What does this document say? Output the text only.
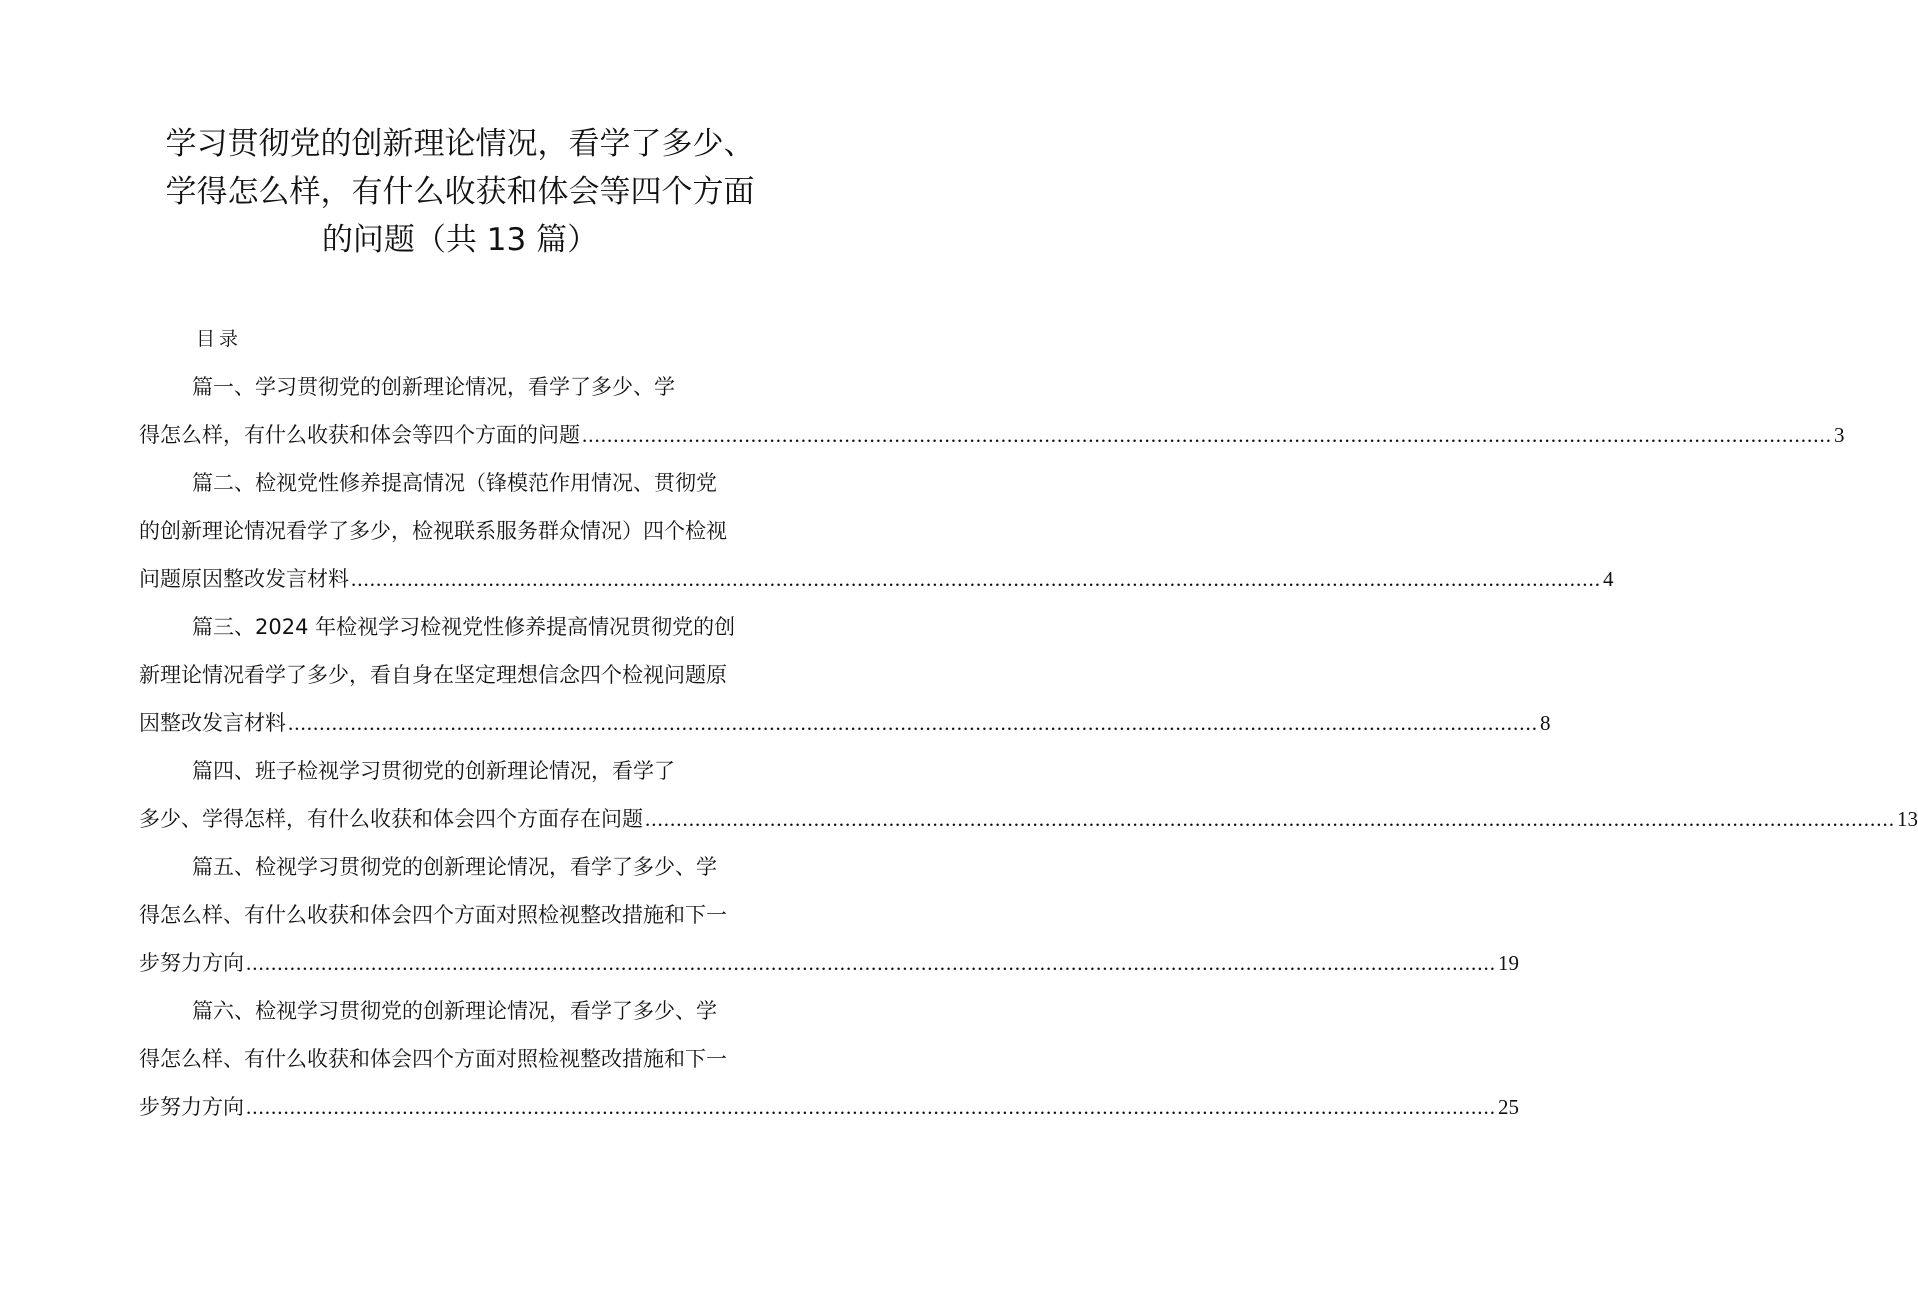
学习贯彻党的创新理论情况，看学了多少、
学得怎么样，有什么收获和体会等四个方面
的问题（共 13 篇）
目录
篇一、学习贯彻党的创新理论情况，看学了多少、学
得怎么样，有什么收获和体会等四个方面的问题 ........................................................................................................................................................................................................ 3
篇二、检视党性修养提高情况（锋模范作用情况、贯彻党
的创新理论情况看学了多少，检视联系服务群众情况）四个检视
问题原因整改发言材料 ........................................................................................................................................................................................................ 4
篇三、2024 年检视学习检视党性修养提高情况贯彻党的创
新理论情况看学了多少，看自身在坚定理想信念四个检视问题原
因整改发言材料 ........................................................................................................................................................................................................ 8
篇四、班子检视学习贯彻党的创新理论情况，看学了
多少、学得怎样，有什么收获和体会四个方面存在问题 ........................................................................................................................................................................................................ 13
篇五、检视学习贯彻党的创新理论情况，看学了多少、学
得怎么样、有什么收获和体会四个方面对照检视整改措施和下一
步努力方向 ........................................................................................................................................................................................................ 19
篇六、检视学习贯彻党的创新理论情况，看学了多少、学
得怎么样、有什么收获和体会四个方面对照检视整改措施和下一
步努力方向 ........................................................................................................................................................................................................ 25
